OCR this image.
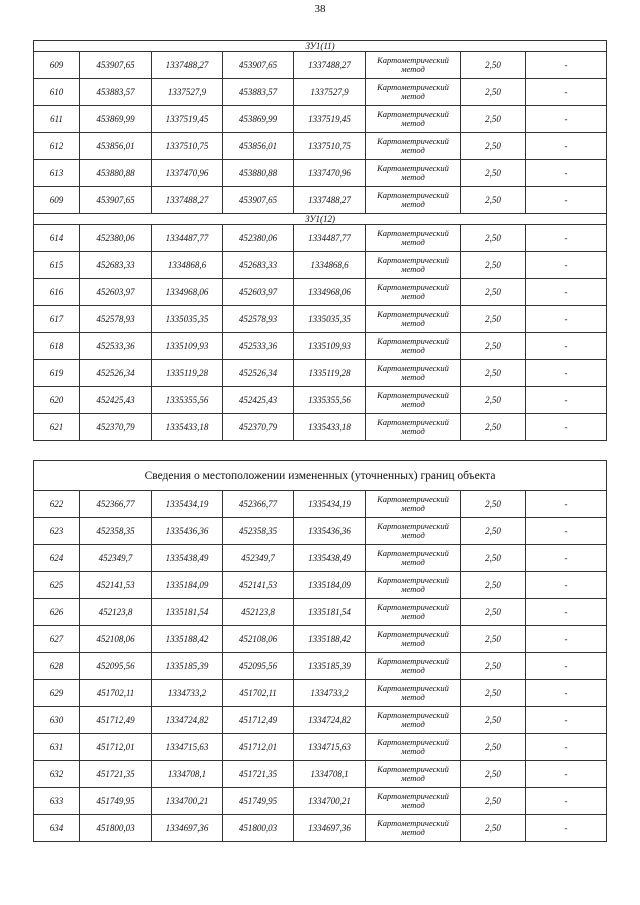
38
ЗУ1(11)							
609	453907,65	1337488,27	453907,65	1337488,27	Картометрический метод	2,50	-
610	453883,57	1337527,9	453883,57	1337527,9	Картометрический метод	2,50	-
611	453869,99	1337519,45	453869,99	1337519,45	Картометрический метод	2,50	-
612	453856,01	1337510,75	453856,01	1337510,75	Картометрический метод	2,50	-
613	453880,88	1337470,96	453880,88	1337470,96	Картометрический метод	2,50	-
609	453907,65	1337488,27	453907,65	1337488,27	Картометрический метод	2,50	-
ЗУ1(12)							
614	452380,06	1334487,77	452380,06	1334487,77	Картометрический метод	2,50	-
615	452683,33	1334868,6	452683,33	1334868,6	Картометрический метод	2,50	-
616	452603,97	1334968,06	452603,97	1334968,06	Картометрический метод	2,50	-
617	452578,93	1335035,35	452578,93	1335035,35	Картометрический метод	2,50	-
618	452533,36	1335109,93	452533,36	1335109,93	Картометрический метод	2,50	-
619	452526,34	1335119,28	452526,34	1335119,28	Картометрический метод	2,50	-
620	452425,43	1335355,56	452425,43	1335355,56	Картометрический метод	2,50	-
621	452370,79	1335433,18	452370,79	1335433,18	Картометрический метод	2,50	-
Сведения о местоположении измененных (уточненных) границ объекта							
622	452366,77	1335434,19	452366,77	1335434,19	Картометрический метод	2,50	-
623	452358,35	1335436,36	452358,35	1335436,36	Картометрический метод	2,50	-
624	452349,7	1335438,49	452349,7	1335438,49	Картометрический метод	2,50	-
625	452141,53	1335184,09	452141,53	1335184,09	Картометрический метод	2,50	-
626	452123,8	1335181,54	452123,8	1335181,54	Картометрический метод	2,50	-
627	452108,06	1335188,42	452108,06	1335188,42	Картометрический метод	2,50	-
628	452095,56	1335185,39	452095,56	1335185,39	Картометрический метод	2,50	-
629	451702,11	1334733,2	451702,11	1334733,2	Картометрический метод	2,50	-
630	451712,49	1334724,82	451712,49	1334724,82	Картометрический метод	2,50	-
631	451712,01	1334715,63	451712,01	1334715,63	Картометрический метод	2,50	-
632	451721,35	1334708,1	451721,35	1334708,1	Картометрический метод	2,50	-
633	451749,95	1334700,21	451749,95	1334700,21	Картометрический метод	2,50	-
634	451800,03	1334697,36	451800,03	1334697,36	Картометрический метод	2,50	-
